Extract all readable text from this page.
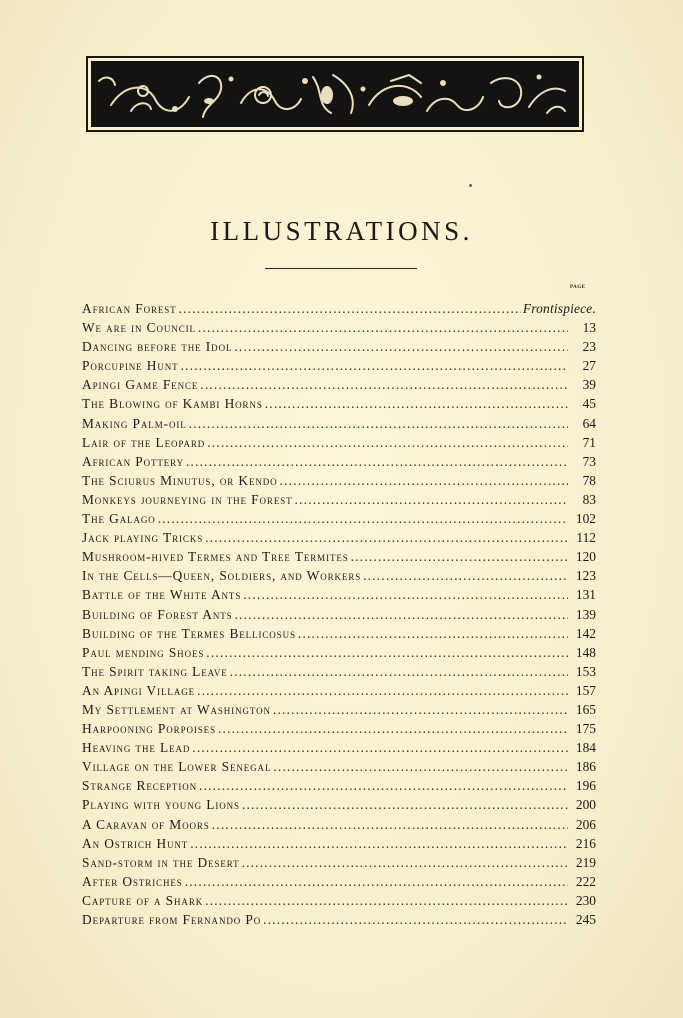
ILLUSTRATIONS.
PAGE
African Forest .....	Frontispiece.
We are in Council .....	13
Dancing before the Idol .....	23
Porcupine Hunt .....	27
Apingi Game Fence .....	39
The Blowing of Kambi Horns .....	45
Making Palm-oil .....	64
Lair of the Leopard .....	71
African Pottery .....	73
The Sciurus Minutus, or Kendo .....	78
Monkeys journeying in the Forest .....	83
The Galago .....	102
Jack playing Tricks .....	112
Mushroom-hived Termes and Tree Termites .....	120
In the Cells—Queen, Soldiers, and Workers .....	123
Battle of the White Ants .....	131
Building of Forest Ants .....	139
Building of the Termes Bellicosus .....	142
Paul mending Shoes .....	148
The Spirit taking Leave .....	153
An Apingi Village .....	157
My Settlement at Washington .....	165
Harpooning Porpoises .....	175
Heaving the Lead .....	184
Village on the Lower Senegal .....	186
Strange Reception .....	196
Playing with young Lions .....	200
A Caravan of Moors .....	206
An Ostrich Hunt .....	216
Sand-storm in the Desert .....	219
After Ostriches .....	222
Capture of a Shark .....	230
Departure from Fernando Po .....	245
